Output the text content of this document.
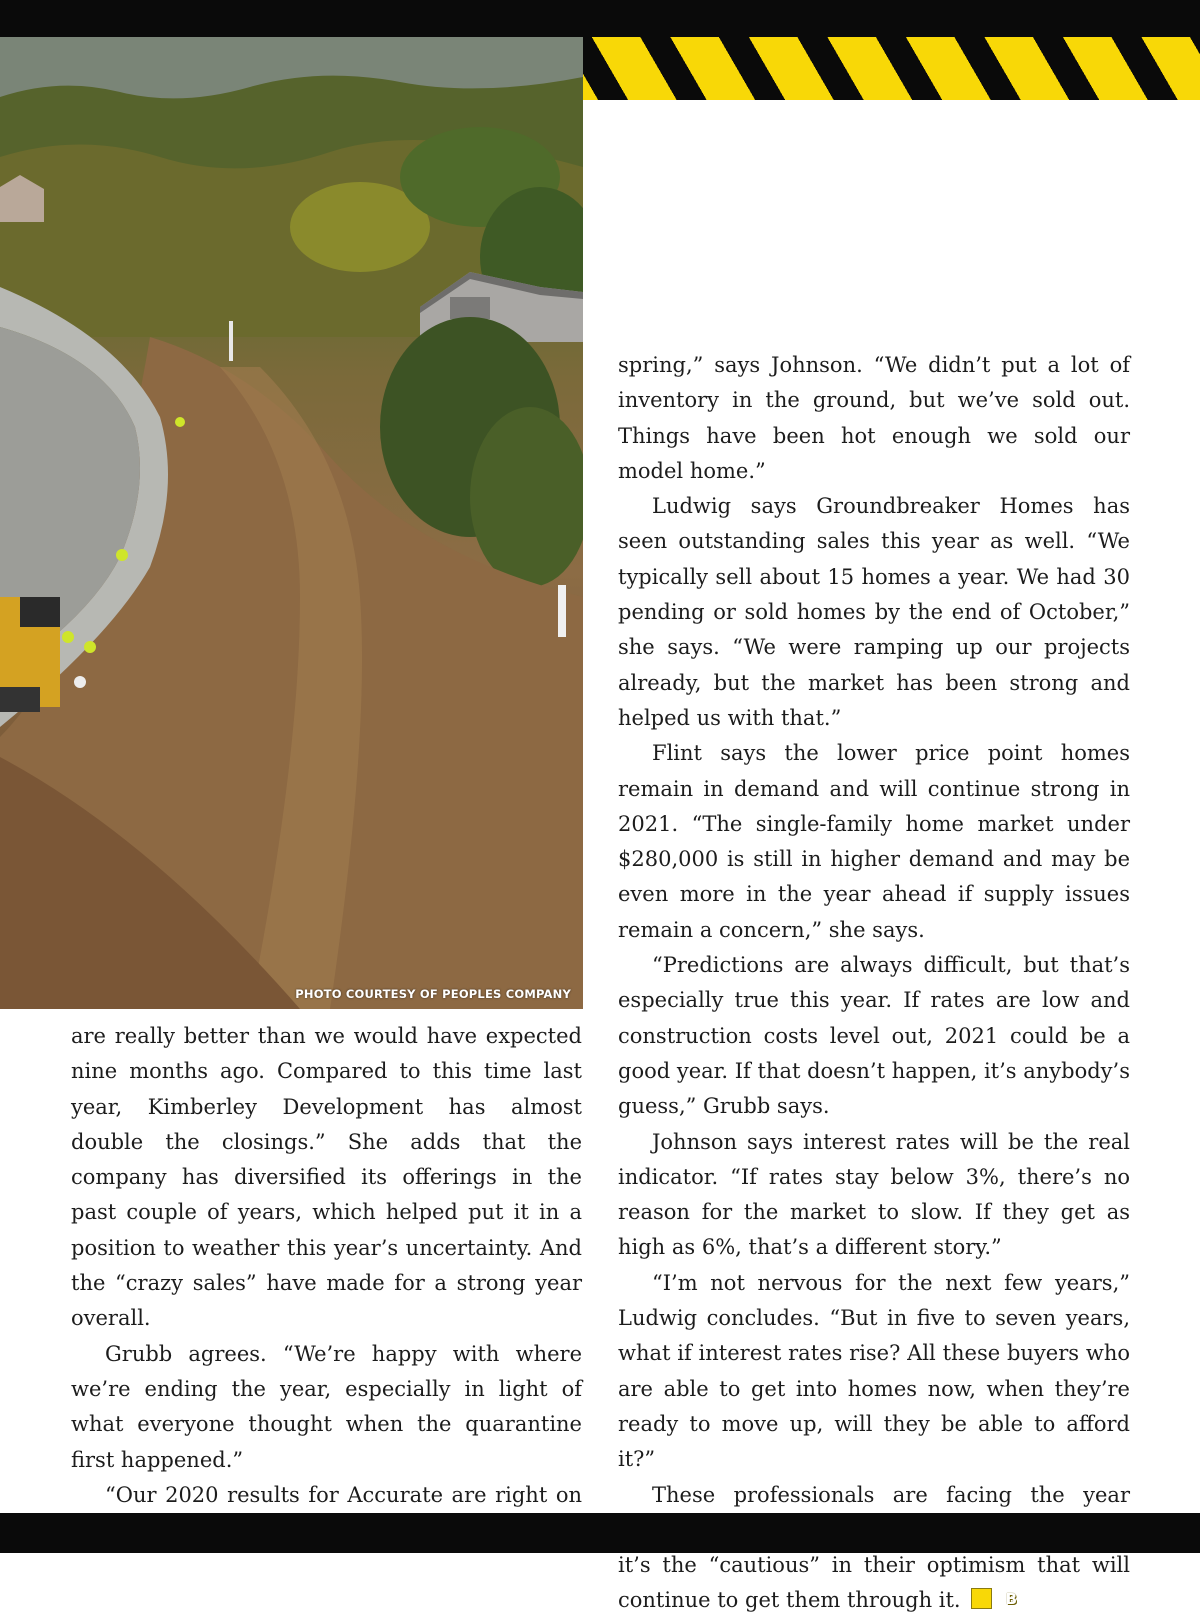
PHOTO COURTESY OF PEOPLES COMPANY

are really better than we would have expected nine months ago. Compared to this time last year, Kimberley Development has almost double the closings.” She adds that the company has diversified its offerings in the past couple of years, which helped put it in a position to weather this year’s uncertainty. And the “crazy sales” have made for a strong year overall.

Grubb agrees. “We’re happy with where we’re ending the year, especially in light of what everyone thought when the quarantine first happened.”

“Our 2020 results for Accurate are right on

spring,” says Johnson. “We didn’t put a lot of inventory in the ground, but we’ve sold out. Things have been hot enough we sold our model home.”

Ludwig says Groundbreaker Homes has seen outstanding sales this year as well. “We typically sell about 15 homes a year. We had 30 pending or sold homes by the end of October,” she says. “We were ramping up our projects already, but the market has been strong and helped us with that.”

Flint says the lower price point homes remain in demand and will continue strong in 2021. “The single-family home market under $280,000 is still in higher demand and may be even more in the year ahead if supply issues remain a concern,” she says.

“Predictions are always difficult, but that’s especially true this year. If rates are low and construction costs level out, 2021 could be a good year. If that doesn’t happen, it’s anybody’s guess,” Grubb says.

Johnson says interest rates will be the real indicator. “If rates stay below 3%, there’s no reason for the market to slow. If they get as high as 6%, that’s a different story.”

“I’m not nervous for the next few years,” Ludwig concludes. “But in five to seven years, what if interest rates rise? All these buyers who are able to get into homes now, when they’re ready to move up, will they be able to afford it?”

These professionals are facing the year it’s the “cautious” in their optimism that will continue to get them through it.	B
